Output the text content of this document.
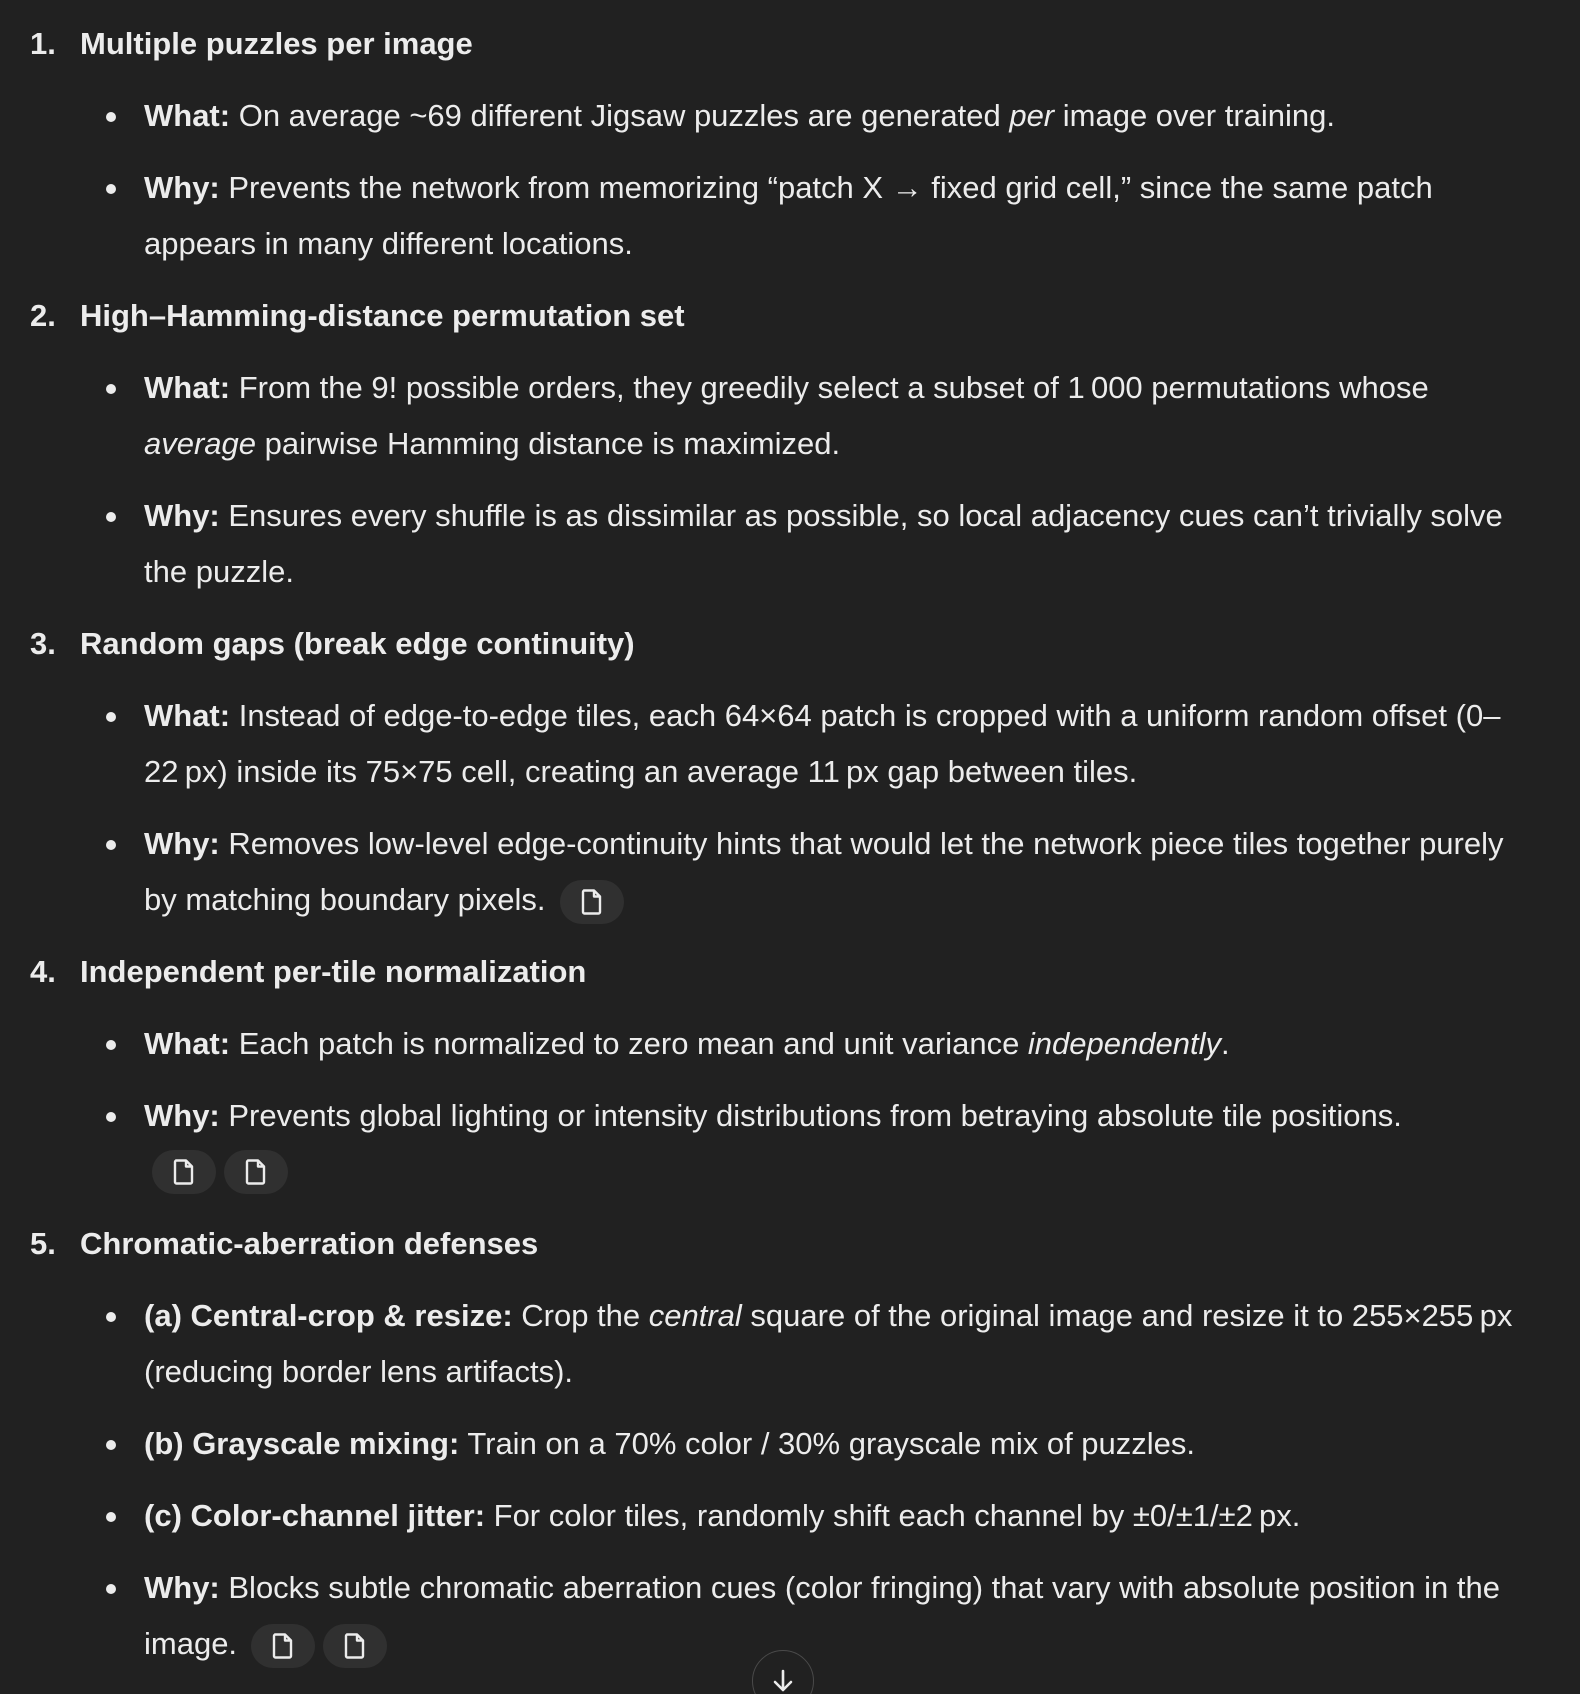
1. Multiple puzzles per image
What: On average ~69 different Jigsaw puzzles are generated per image over training.
Why: Prevents the network from memorizing “patch X → fixed grid cell,” since the same patch appears in many different locations.
2. High–Hamming-distance permutation set
What: From the 9! possible orders, they greedily select a subset of 1 000 permutations whose average pairwise Hamming distance is maximized.
Why: Ensures every shuffle is as dissimilar as possible, so local adjacency cues can’t trivially solve the puzzle.
3. Random gaps (break edge continuity)
What: Instead of edge-to-edge tiles, each 64×64 patch is cropped with a uniform random offset (0–22 px) inside its 75×75 cell, creating an average 11 px gap between tiles.
Why: Removes low-level edge-continuity hints that would let the network piece tiles together purely by matching boundary pixels.
4. Independent per-tile normalization
What: Each patch is normalized to zero mean and unit variance independently.
Why: Prevents global lighting or intensity distributions from betraying absolute tile positions.
5. Chromatic-aberration defenses
(a) Central-crop & resize: Crop the central square of the original image and resize it to 255×255 px (reducing border lens artifacts).
(b) Grayscale mixing: Train on a 70% color / 30% grayscale mix of puzzles.
(c) Color-channel jitter: For color tiles, randomly shift each channel by ±0/±1/±2 px.
Why: Blocks subtle chromatic aberration cues (color fringing) that vary with absolute position in the image.
